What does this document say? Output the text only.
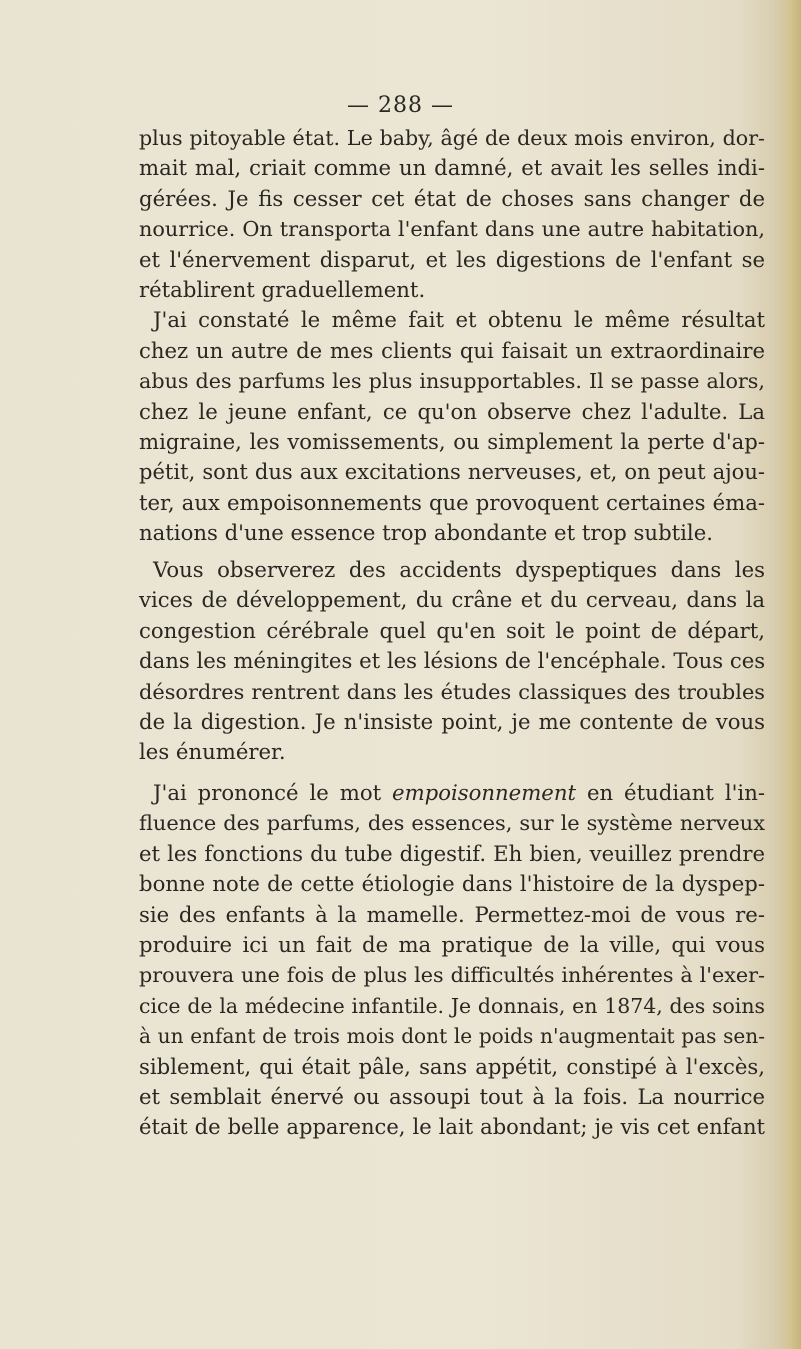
— 288 —
plus pitoyable état. Le baby, âgé de deux mois environ, dor-
mait mal, criait comme un damné, et avait les selles indi-
gérées. Je fis cesser cet état de choses sans changer de
nourrice. On transporta l'enfant dans une autre habitation,
et l'énervement disparut, et les digestions de l'enfant se
rétablirent graduellement.
J'ai constaté le même fait et obtenu le même résultat
chez un autre de mes clients qui faisait un extraordinaire
abus des parfums les plus insupportables. Il se passe alors,
chez le jeune enfant, ce qu'on observe chez l'adulte. La
migraine, les vomissements, ou simplement la perte d'ap-
pétit, sont dus aux excitations nerveuses, et, on peut ajou-
ter, aux empoisonnements que provoquent certaines éma-
nations d'une essence trop abondante et trop subtile.
Vous observerez des accidents dyspeptiques dans les
vices de développement, du crâne et du cerveau, dans la
congestion cérébrale quel qu'en soit le point de départ,
dans les méningites et les lésions de l'encéphale. Tous ces
désordres rentrent dans les études classiques des troubles
de la digestion. Je n'insiste point, je me contente de vous
les énumérer.
J'ai prononcé le mot empoisonnement en étudiant l'in-
fluence des parfums, des essences, sur le système nerveux
et les fonctions du tube digestif. Eh bien, veuillez prendre
bonne note de cette étiologie dans l'histoire de la dyspep-
sie des enfants à la mamelle. Permettez-moi de vous re-
produire ici un fait de ma pratique de la ville, qui vous
prouvera une fois de plus les difficultés inhérentes à l'exer-
cice de la médecine infantile. Je donnais, en 1874, des soins
à un enfant de trois mois dont le poids n'augmentait pas sen-
siblement, qui était pâle, sans appétit, constipé à l'excès,
et semblait énervé ou assoupi tout à la fois. La nourrice
était de belle apparence, le lait abondant; je vis cet enfant
